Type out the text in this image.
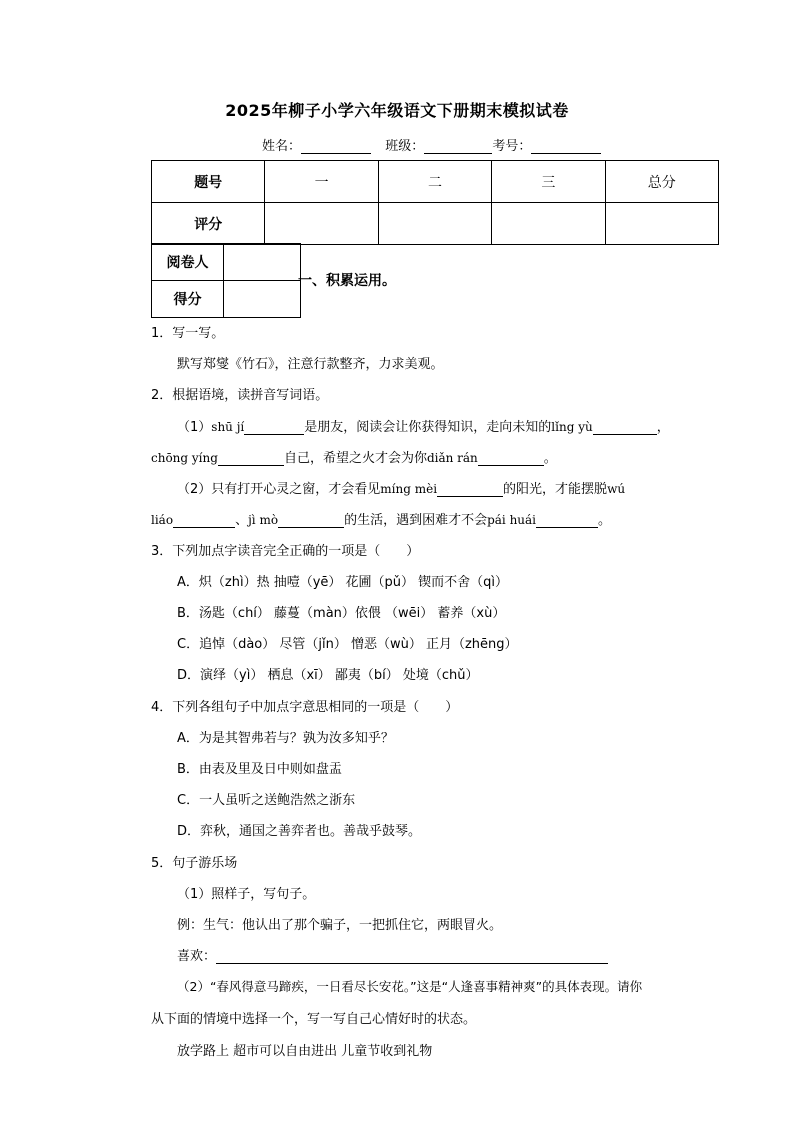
2025年柳子小学六年级语文下册期末模拟试卷
姓名：	班级：	考号：
题号	一	二	三	总分
评分				
阅卷人	
得分	
一、积累运用。
1．写一写。
默写郑燮《竹石》，注意行款整齐，力求美观。
2．根据语境，读拼音写词语。
（1）shū jí	是朋友，阅读会让你获得知识，走向未知的lǐng yù	，
chōng yíng	自己，希望之火才会为你diǎn rán	。
（2）只有打开心灵之窗，才会看见míng mèi	的阳光，才能摆脱wú
liáo	、jì mò	的生活，遇到困难才不会pái huái	。
3．下列加点字读音完全正确的一项是（　　）
A．炽（zhì）热 抽噎（yē） 花圃（pǔ） 锲而不舍（qì）
B．汤匙（chí） 藤蔓（màn）依偎 （wēi） 蓄养（xù）
C．追悼（dào） 尽管（jǐn） 憎恶（wù） 正月（zhēng）
D．演绎（yì） 栖息（xī） 鄙夷（bí） 处境（chǔ）
4．下列各组句子中加点字意思相同的一项是（　　）
A．为是其智弗若与？孰为汝多知乎？
B．由表及里及日中则如盘盂
C．一人虽听之送鲍浩然之浙东
D．弈秋，通国之善弈者也。善哉乎鼓琴。
5．句子游乐场
（1）照样子，写句子。
例：生气：他认出了那个骗子，一把抓住它，两眼冒火。
喜欢：
（2）“春风得意马蹄疾，一日看尽长安花。”这是“人逢喜事精神爽”的具体表现。请你
从下面的情境中选择一个，写一写自己心情好时的状态。
放学路上 超市可以自由进出 儿童节收到礼物
